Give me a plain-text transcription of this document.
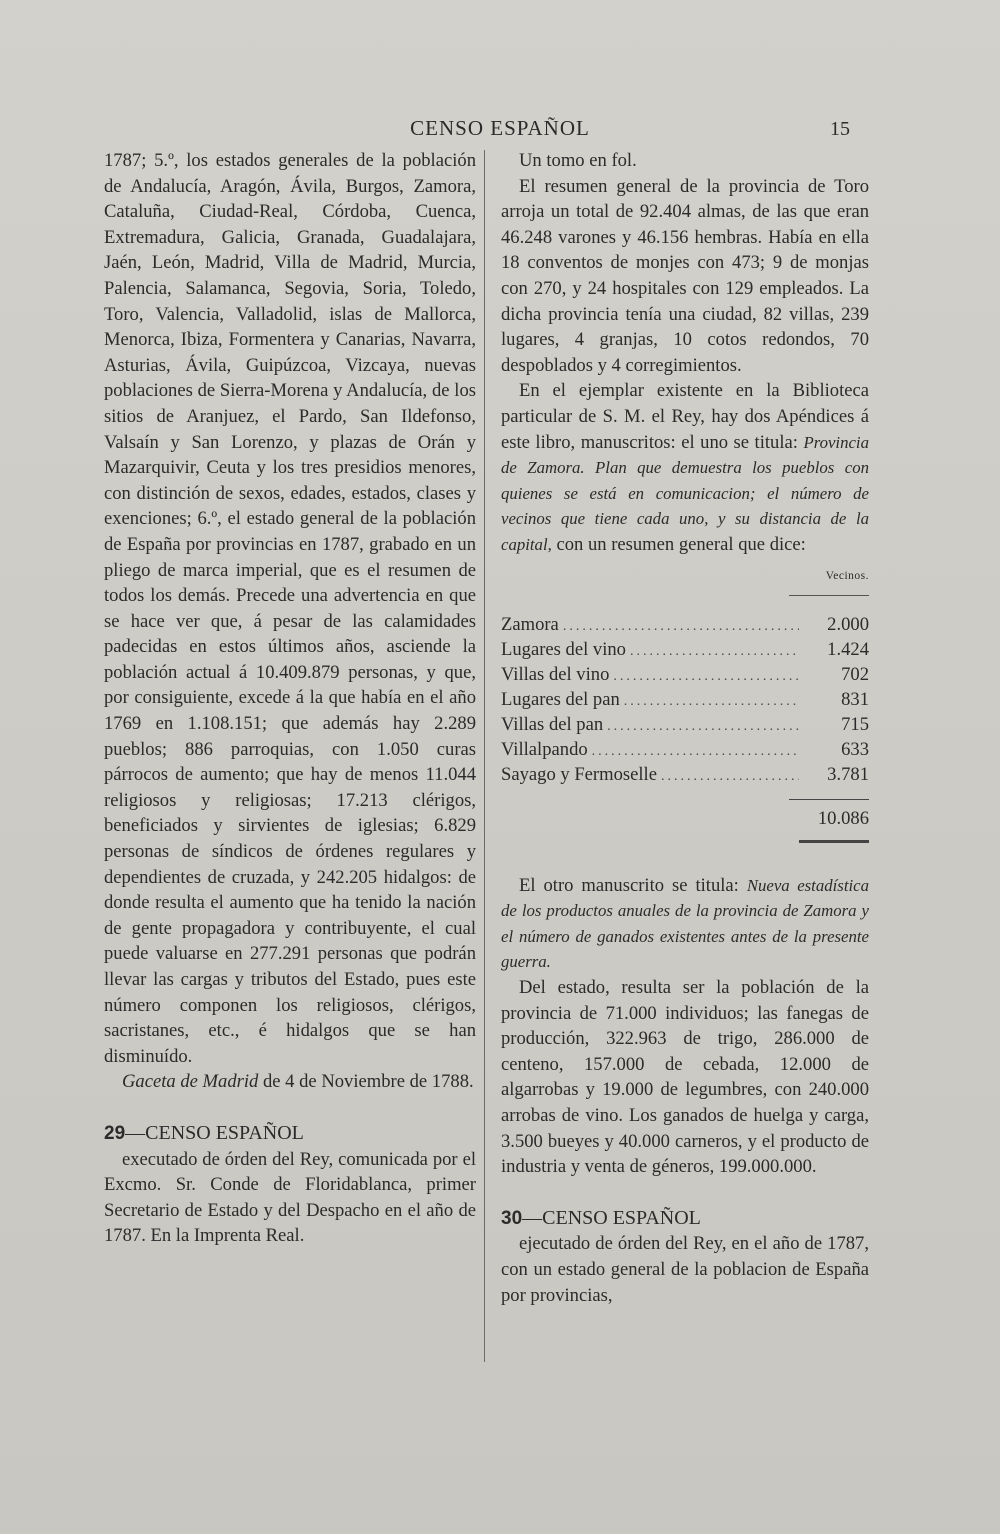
CENSO ESPAÑOL	15

1787; 5.º, los estados generales de la población de Andalucía, Aragón, Ávila, Burgos, Zamora, Cataluña, Ciudad-Real, Córdoba, Cuenca, Extremadura, Galicia, Granada, Guadalajara, Jaén, León, Madrid, Villa de Madrid, Murcia, Palencia, Salamanca, Segovia, Soria, Toledo, Toro, Valencia, Valladolid, islas de Mallorca, Menorca, Ibiza, Formentera y Canarias, Navarra, Asturias, Ávila, Guipúzcoa, Vizcaya, nuevas poblaciones de Sierra-Morena y Andalucía, de los sitios de Aranjuez, el Pardo, San Ildefonso, Valsaín y San Lorenzo, y plazas de Orán y Mazarquivir, Ceuta y los tres presidios menores, con distinción de sexos, edades, estados, clases y exenciones; 6.º, el estado general de la población de España por provincias en 1787, grabado en un pliego de marca imperial, que es el resumen de todos los demás. Precede una advertencia en que se hace ver que, á pesar de las calamidades padecidas en estos últimos años, asciende la población actual á 10.409.879 personas, y que, por consiguiente, excede á la que había en el año 1769 en 1.108.151; que además hay 2.289 pueblos; 886 parroquias, con 1.050 curas párrocos de aumento; que hay de menos 11.044 religiosos y religiosas; 17.213 clérigos, beneficiados y sirvientes de iglesias; 6.829 personas de síndicos de órdenes regulares y dependientes de cruzada, y 242.205 hidalgos: de donde resulta el aumento que ha tenido la nación de gente propagadora y contribuyente, el cual puede valuarse en 277.291 personas que podrán llevar las cargas y tributos del Estado, pues este número componen los religiosos, clérigos, sacristanes, etc., é hidalgos que se han disminuído.

Gaceta de Madrid de 4 de Noviembre de 1788.

29—CENSO ESPAÑOL

executado de órden del Rey, comunicada por el Excmo. Sr. Conde de Floridablanca, primer Secretario de Estado y del Despacho en el año de 1787. En la Imprenta Real.

Un tomo en fol.

El resumen general de la provincia de Toro arroja un total de 92.404 almas, de las que eran 46.248 varones y 46.156 hembras. Había en ella 18 conventos de monjes con 473; 9 de monjas con 270, y 24 hospitales con 129 empleados. La dicha provincia tenía una ciudad, 82 villas, 239 lugares, 4 granjas, 10 cotos redondos, 70 despoblados y 4 corregimientos.

En el ejemplar existente en la Biblioteca particular de S. M. el Rey, hay dos Apéndices á este libro, manuscritos: el uno se titula: Provincia de Zamora. Plan que demuestra los pueblos con quienes se está en comunicacion; el número de vecinos que tiene cada uno, y su distancia de la capital, con un resumen general que dice:

Vecinos.
Zamora .....	2.000
Lugares del vino .....	1.424
Villas del vino .....	702
Lugares del pan .....	831
Villas del pan .....	715
Villalpando .....	633
Sayago y Fermoselle .....	3.781
10.086

El otro manuscrito se titula: Nueva estadística de los productos anuales de la provincia de Zamora y el número de ganados existentes antes de la presente guerra.

Del estado, resulta ser la población de la provincia de 71.000 individuos; las fanegas de producción, 322.963 de trigo, 286.000 de centeno, 157.000 de cebada, 12.000 de algarrobas y 19.000 de legumbres, con 240.000 arrobas de vino. Los ganados de huelga y carga, 3.500 bueyes y 40.000 carneros, y el producto de industria y venta de géneros, 199.000.000.

30—CENSO ESPAÑOL

ejecutado de órden del Rey, en el año de 1787, con un estado general de la poblacion de España por provincias,
